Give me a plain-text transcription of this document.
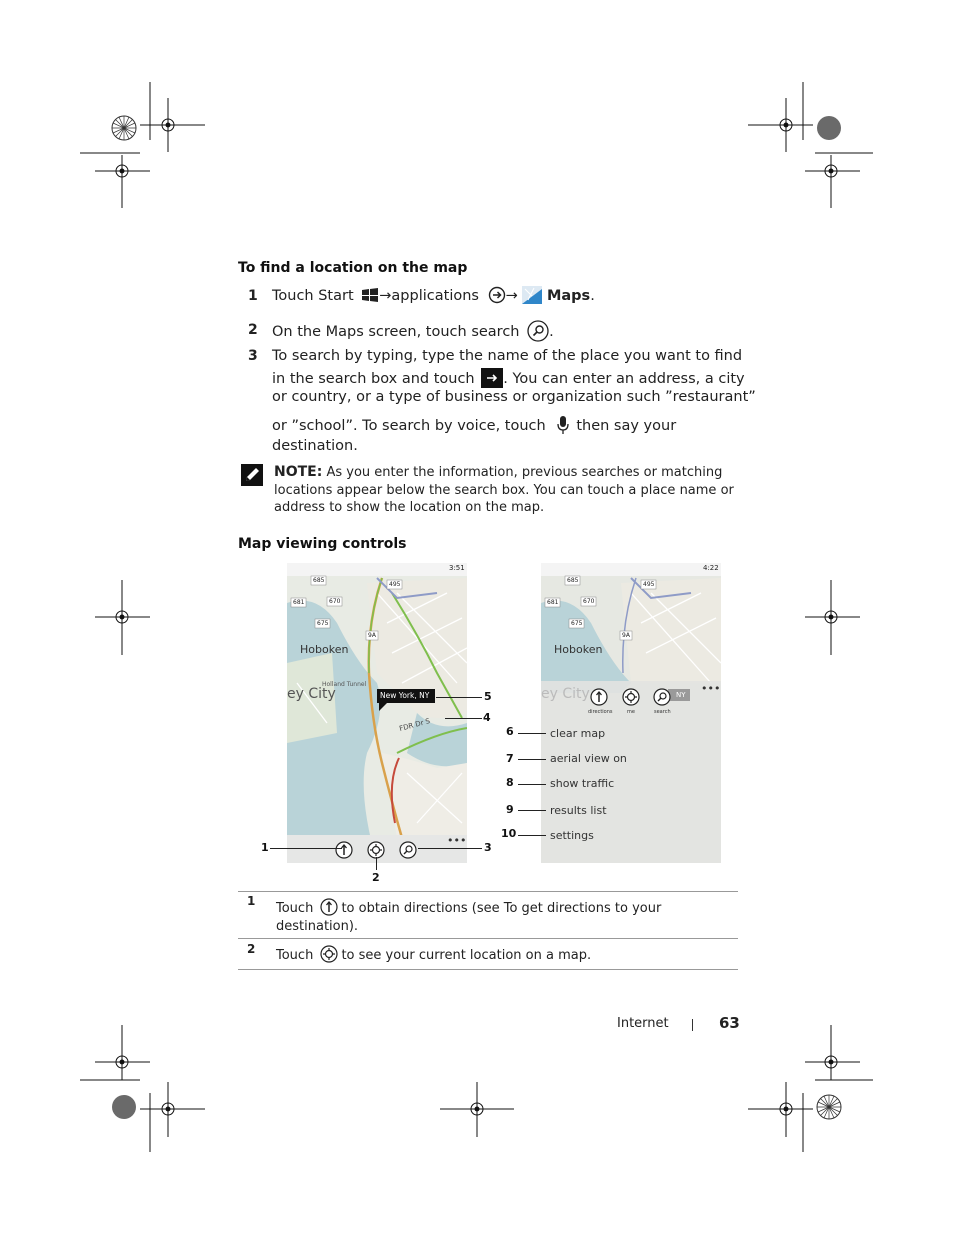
To find a location on the map
1 Touch Start →applications → Maps.
2 On the Maps screen, touch search .
3 To search by typing, type the name of the place you want to find
in the search box and touch . You can enter an address, a city
or country, or a type of business or organization such ”restaurant”
or ”school”. To search by voice, touch then say your
destination.
NOTE: As you enter the information, previous searches or matching
locations appear below the search box. You can touch a place name or
address to show the location on the map.
Map viewing controls
3:51
685
495
681	670
675
9A
Hoboken
ey City	New York, NY
Holland Tunnel
FDR Dr S
•••
1	3
2
5
4
4:22
685
495
681	670
675
9A
Hoboken
ey City	NY
directions	me	search
•••
clear map
aerial view on
show traffic
results list
settings
6
7
8
9
10
1 Touch to obtain directions (see To get directions to your
destination).
2 Touch to see your current location on a map.
Internet	63
